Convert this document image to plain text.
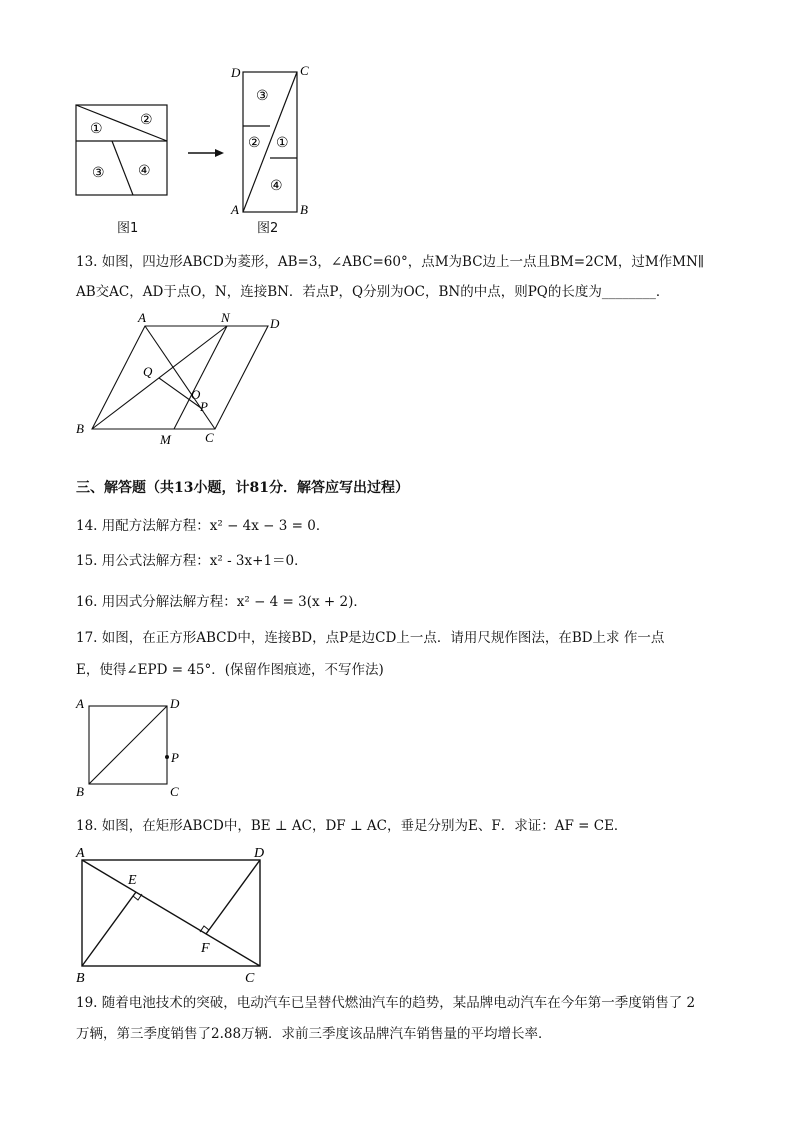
①
②
③ ④
D	C
A	B
③
② ①
④
图1	图2
13. 如图，四边形ABCD为菱形，AB=3，∠ABC=60°，点M为BC边上一点且BM=2CM，过M作MN∥
AB交AC，AD于点O，N，连接BN．若点P，Q分别为OC，BN的中点，则PQ的长度为________．
A	N	D
Q
O
P
B
M	C
三、解答题（共13小题，计81分．解答应写出过程）
14. 用配方法解方程：x² − 4x − 3 = 0．
15. 用公式法解方程：x² - 3x+1＝0．
16. 用因式分解法解方程：x² − 4 = 3(x + 2)．
17. 如图，在正方形ABCD中，连接BD，点P是边CD上一点．请用尺规作图法，在BD上求 作一点
E，使得∠EPD = 45°．(保留作图痕迹，不写作法)
A	D
P
B	C
18. 如图，在矩形ABCD中，BE ⊥ AC，DF ⊥ AC，垂足分别为E、F．求证：AF = CE．
A	D
E
F
B	C
19. 随着电池技术的突破，电动汽车已呈替代燃油汽车的趋势，某品牌电动汽车在今年第一季度销售了 2
万辆，第三季度销售了2.88万辆．求前三季度该品牌汽车销售量的平均增长率．
